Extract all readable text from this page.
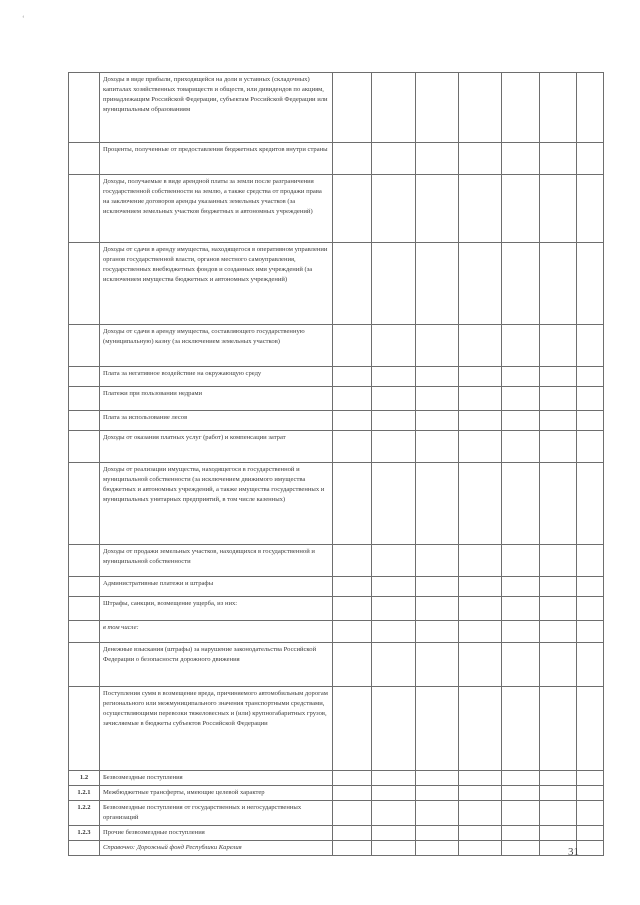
‘
	Доходы в виде прибыли, приходящейся на доли в уставных (складочных) капиталах хозяйственных товариществ и обществ, или дивидендов по акциям, принадлежащим Российской Федерации, субъектам Российской Федерации или муниципальным образованиям							
	Проценты, полученные от предоставления бюджетных кредитов внутри страны							
	Доходы, получаемые в виде арендной платы за земли после разграничения государственной собственности на землю, а также средства от продажи права на заключение договоров аренды указанных земельных участков (за исключением земельных участков бюджетных и автономных учреждений)							
	Доходы от сдачи в аренду имущества, находящегося в оперативном управлении органов государственной власти, органов местного самоуправления, государственных внебюджетных фондов и созданных ими учреждений (за исключением имущества бюджетных и автономных учреждений)							
	Доходы от сдачи в аренду имущества, составляющего государственную (муниципальную) казну (за исключением земельных участков)							
	Плата за негативное воздействие на окружающую среду							
	Платежи при пользовании недрами							
	Плата за использование лесов							
	Доходы от оказания платных услуг (работ) и компенсации затрат							
	Доходы от реализации имущества, находящегося в государственной и муниципальной собственности (за исключением движимого имущества бюджетных и автономных учреждений, а также имущества государственных и муниципальных унитарных предприятий, в том числе казенных)							
	Доходы от продажи земельных участков, находящихся в государственной и муниципальной собственности							
	Административные платежи и штрафы							
	Штрафы, санкции, возмещение ущерба, из них:							
	в том числе:							
	Денежные взыскания (штрафы) за нарушение законодательства Российской Федерации о безопасности дорожного движения							
	Поступления сумм в возмещение вреда, причиняемого автомобильным дорогам регионального или межмуниципального значения транспортными средствами, осуществляющими перевозки тяжеловесных и (или) крупногабаритных грузов, зачисляемые в бюджеты субъектов Российской Федерации							
1.2	Безвозмездные поступления							
1.2.1	Межбюджетные трансферты, имеющие целевой характер							
1.2.2	Безвозмездные поступления от государственных и негосударственных организаций							
1.2.3	Прочие безвозмездные поступления							
	Справочно: Дорожный фонд Республики Карелия								31
